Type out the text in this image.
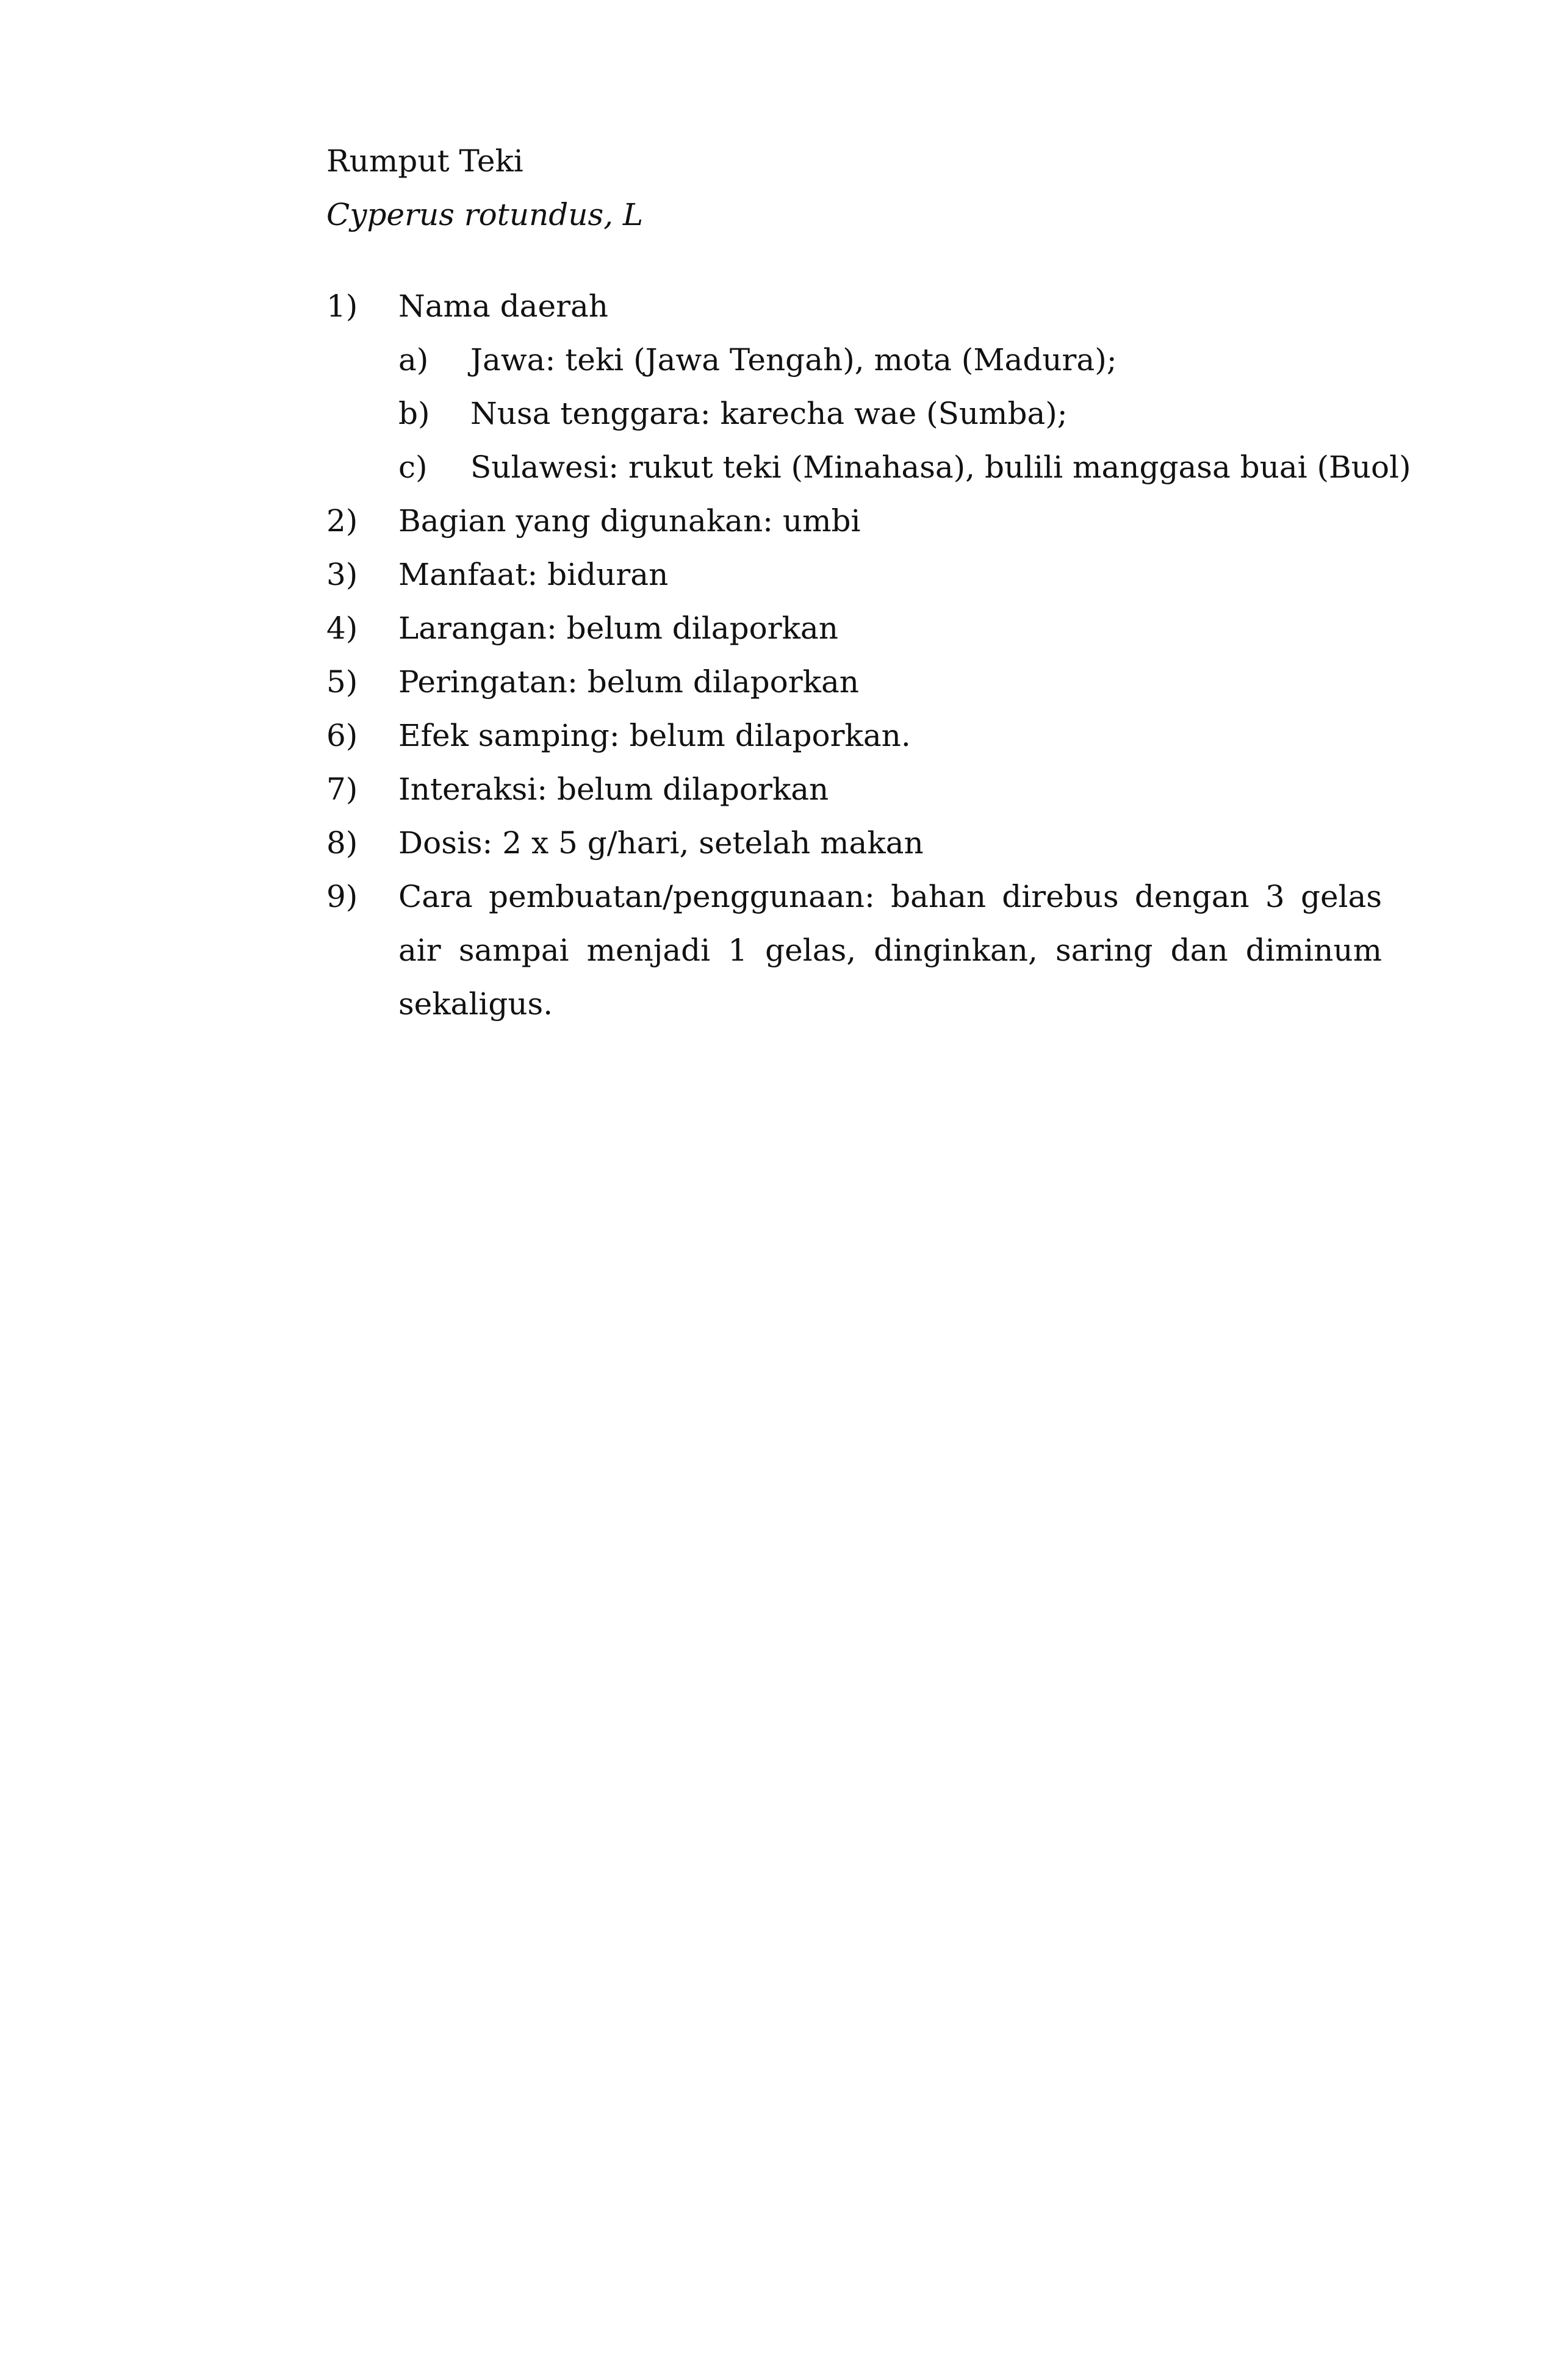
Rumput Teki
Cyperus rotundus, L
1)	Nama daerah
a)	Jawa: teki (Jawa Tengah), mota (Madura);
b)	Nusa tenggara: karecha wae (Sumba);
c)	Sulawesi: rukut teki (Minahasa), bulili manggasa buai (Buol)
2)	Bagian yang digunakan: umbi
3)	Manfaat: biduran
4)	Larangan: belum dilaporkan
5)	Peringatan: belum dilaporkan
6)	Efek samping: belum dilaporkan.
7)	Interaksi: belum dilaporkan
8)	Dosis: 2 x 5 g/hari, setelah makan
9)	Cara pembuatan/penggunaan: bahan direbus dengan 3 gelas air sampai menjadi 1 gelas, dinginkan, saring dan diminum sekaligus.
